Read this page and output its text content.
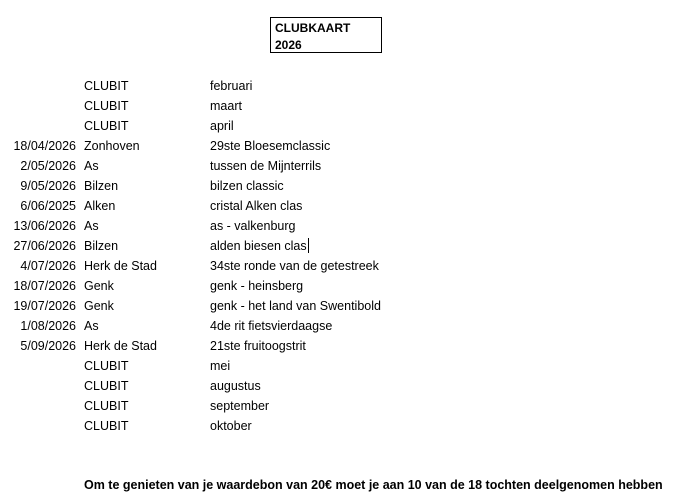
CLUBKAART
2026
CLUBIT	februari
CLUBIT	maart
CLUBIT	april
18/04/2026 Zonhoven	29ste Bloesemclassic
2/05/2026 As	tussen de Mijnterrils
9/05/2026 Bilzen	bilzen classic
6/06/2025 Alken	cristal Alken clas
13/06/2026 As	as - valkenburg
27/06/2026 Bilzen	alden biesen clas
4/07/2026 Herk de Stad	34ste ronde van de getestreek
18/07/2026 Genk	genk - heinsberg
19/07/2026 Genk	genk - het land van Swentibold
1/08/2026 As	4de rit fietsvierdaagse
5/09/2026 Herk de Stad	21ste fruitoogstrit
CLUBIT	mei
CLUBIT	augustus
CLUBIT	september
CLUBIT	oktober
Om te genieten van je waardebon van 20€ moet je aan 10 van de 18 tochten deelgenomen hebben
